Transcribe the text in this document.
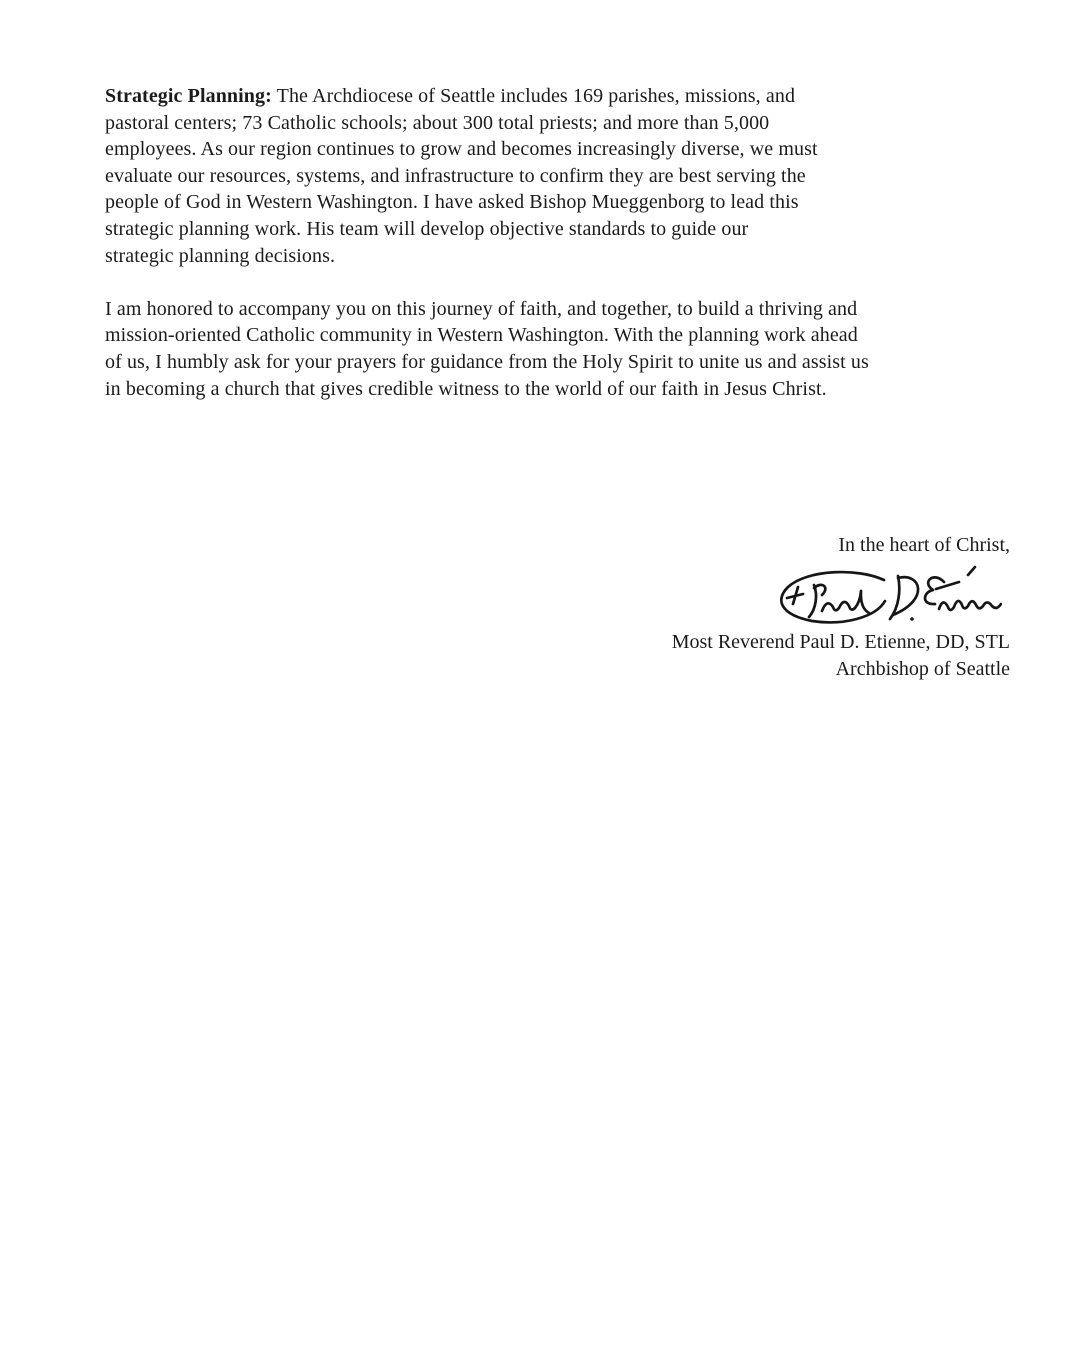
Strategic Planning: The Archdiocese of Seattle includes 169 parishes, missions, and
pastoral centers; 73 Catholic schools; about 300 total priests; and more than 5,000
employees. As our region continues to grow and becomes increasingly diverse, we must
evaluate our resources, systems, and infrastructure to confirm they are best serving the
people of God in Western Washington. I have asked Bishop Mueggenborg to lead this
strategic planning work. His team will develop objective standards to guide our
strategic planning decisions.
I am honored to accompany you on this journey of faith, and together, to build a thriving and
mission-oriented Catholic community in Western Washington. With the planning work ahead
of us, I humbly ask for your prayers for guidance from the Holy Spirit to unite us and assist us
in becoming a church that gives credible witness to the world of our faith in Jesus Christ.
In the heart of Christ,
Most Reverend Paul D. Etienne, DD, STL
Archbishop of Seattle
